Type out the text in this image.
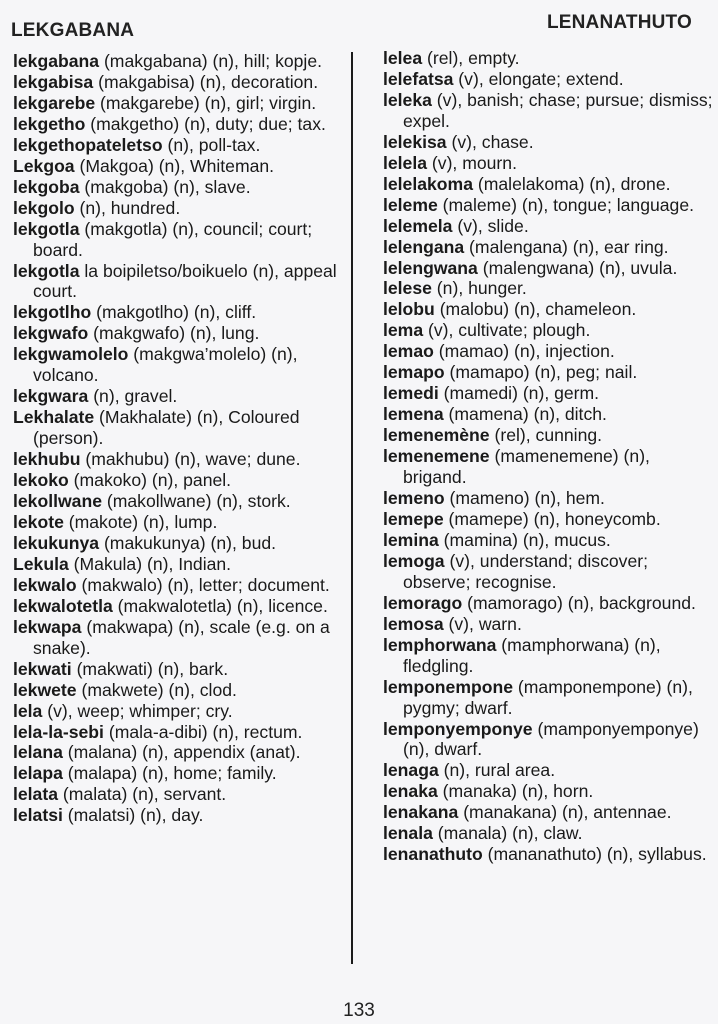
LEKGABANA	LENANATHUTO

lekgabana (makgabana) (n), hill; kopje.

lekgabisa (makgabisa) (n), decoration.

lekgarebe (makgarebe) (n), girl; virgin.

lekgetho (makgetho) (n), duty; due; tax.

lekgethopateletso (n), poll-tax.

Lekgoa (Makgoa) (n), Whiteman.

lekgoba (makgoba) (n), slave.

lekgolo (n), hundred.

lekgotla (makgotla) (n), council; court; board.

lekgotla la boipiletso/boikuelo (n), appeal court.

lekgotlho (makgotlho) (n), cliff.

lekgwafo (makgwafo) (n), lung.

lekgwamolelo (makgwa’molelo) (n), volcano.

lekgwara (n), gravel.

Lekhalate (Makhalate) (n), Coloured (person).

lekhubu (makhubu) (n), wave; dune.

lekoko (makoko) (n), panel.

lekollwane (makollwane) (n), stork.

lekote (makote) (n), lump.

lekukunya (makukunya) (n), bud.

Lekula (Makula) (n), Indian.

lekwalo (makwalo) (n), letter; document.

lekwalotetla (makwalotetla) (n), licence.

lekwapa (makwapa) (n), scale (e.g. on a snake).

lekwati (makwati) (n), bark.

lekwete (makwete) (n), clod.

lela (v), weep; whimper; cry.

lela-la-sebi (mala-a-dibi) (n), rectum.

lelana (malana) (n), appendix (anat).

lelapa (malapa) (n), home; family.

lelata (malata) (n), servant.

lelatsi (malatsi) (n), day.

lelea (rel), empty.

lelefatsa (v), elongate; extend.

leleka (v), banish; chase; pursue; dismiss; expel.

lelekisa (v), chase.

lelela (v), mourn.

lelelakoma (malelakoma) (n), drone.

leleme (maleme) (n), tongue; language.

lelemela (v), slide.

lelengana (malengana) (n), ear ring.

lelengwana (malengwana) (n), uvula.

lelese (n), hunger.

lelobu (malobu) (n), chameleon.

lema (v), cultivate; plough.

lemao (mamao) (n), injection.

lemapo (mamapo) (n), peg; nail.

lemedi (mamedi) (n), germ.

lemena (mamena) (n), ditch.

lemenemène (rel), cunning.

lemenemene (mamenemene) (n), brigand.

lemeno (mameno) (n), hem.

lemepe (mamepe) (n), honeycomb.

lemina (mamina) (n), mucus.

lemoga (v), understand; discover; observe; recognise.

lemorago (mamorago) (n), background.

lemosa (v), warn.

lemphorwana (mamphorwana) (n), fledgling.

lemponempone (mamponempone) (n), pygmy; dwarf.

lemponyemponye (mamponyemponye) (n), dwarf.

lenaga (n), rural area.

lenaka (manaka) (n), horn.

lenakana (manakana) (n), antennae.

lenala (manala) (n), claw.

lenanathuto (mananathuto) (n), syllabus.

133
